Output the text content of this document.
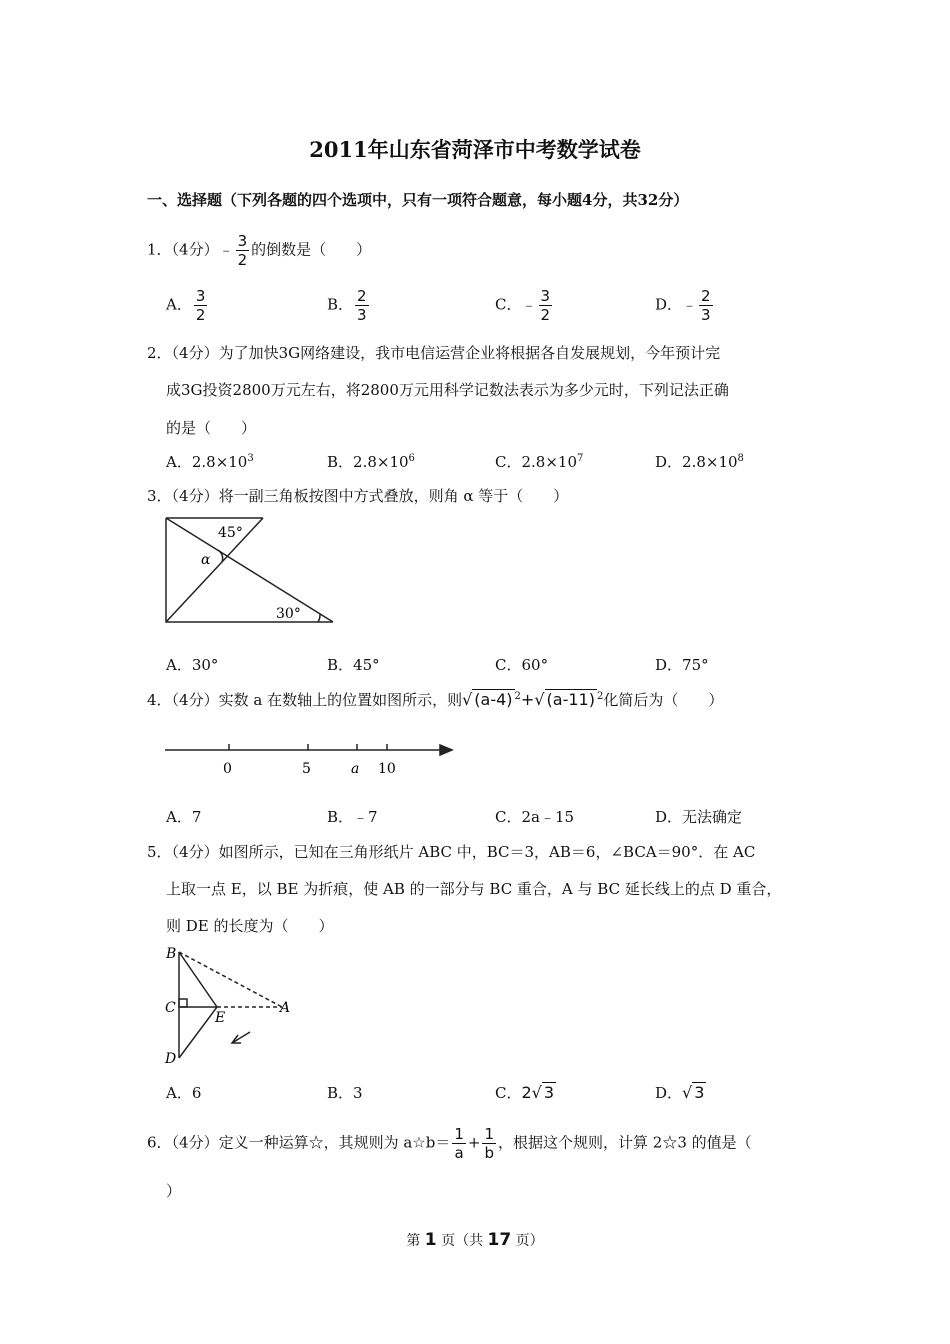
2011年山东省菏泽市中考数学试卷
一、选择题（下列各题的四个选项中，只有一项符合题意，每小题4分，共32分）
1．（4分）﹣ $\frac{3}{2}$ 的倒数是（　　）
A． $\frac{3}{2}$	B． $\frac{2}{3}$	C．﹣ $\frac{3}{2}$	D．﹣ $\frac{2}{3}$
2．（4分）为了加快3G网络建设，我市电信运营企业将根据各自发展规划，今年预计完
成3G投资2800万元左右，将2800万元用科学记数法表示为多少元时，下列记法正确
的是（　　）
A．$2.8\times 10^3$	B．$2.8\times 10^6$	C．$2.8\times 10^7$	D．$2.8\times 10^8$
3．（4分）将一副三角板按图中方式叠放，则角 α 等于（　　）
45°
α
30°
A．30°	B．45°	C．60°	D．75°
4．（4分）实数 a 在数轴上的位置如图所示，则√ (a-4) $^2$+√ (a-11) $^2$化简后为（　　）
0	5	a 10
A．7	B．﹣7	C．2a﹣15	D．无法确定
5．（4分）如图所示，已知在三角形纸片 ABC 中，BC＝3，AB＝6，∠BCA＝90°．在 AC
上取一点 E，以 BE 为折痕，使 AB 的一部分与 BC 重合，A 与 BC 延长线上的点 D 重合，
则 DE 的长度为（　　）
B
C
E
A
D
A．6	B．3	C．2√ 3	D．√ 3
6．（4分）定义一种运算☆，其规则为 a☆b＝ $\frac{1}{a} + \frac{1}{b}$ ，根据这个规则，计算 2☆3 的值是（
）
第 1 页（共 17 页）
